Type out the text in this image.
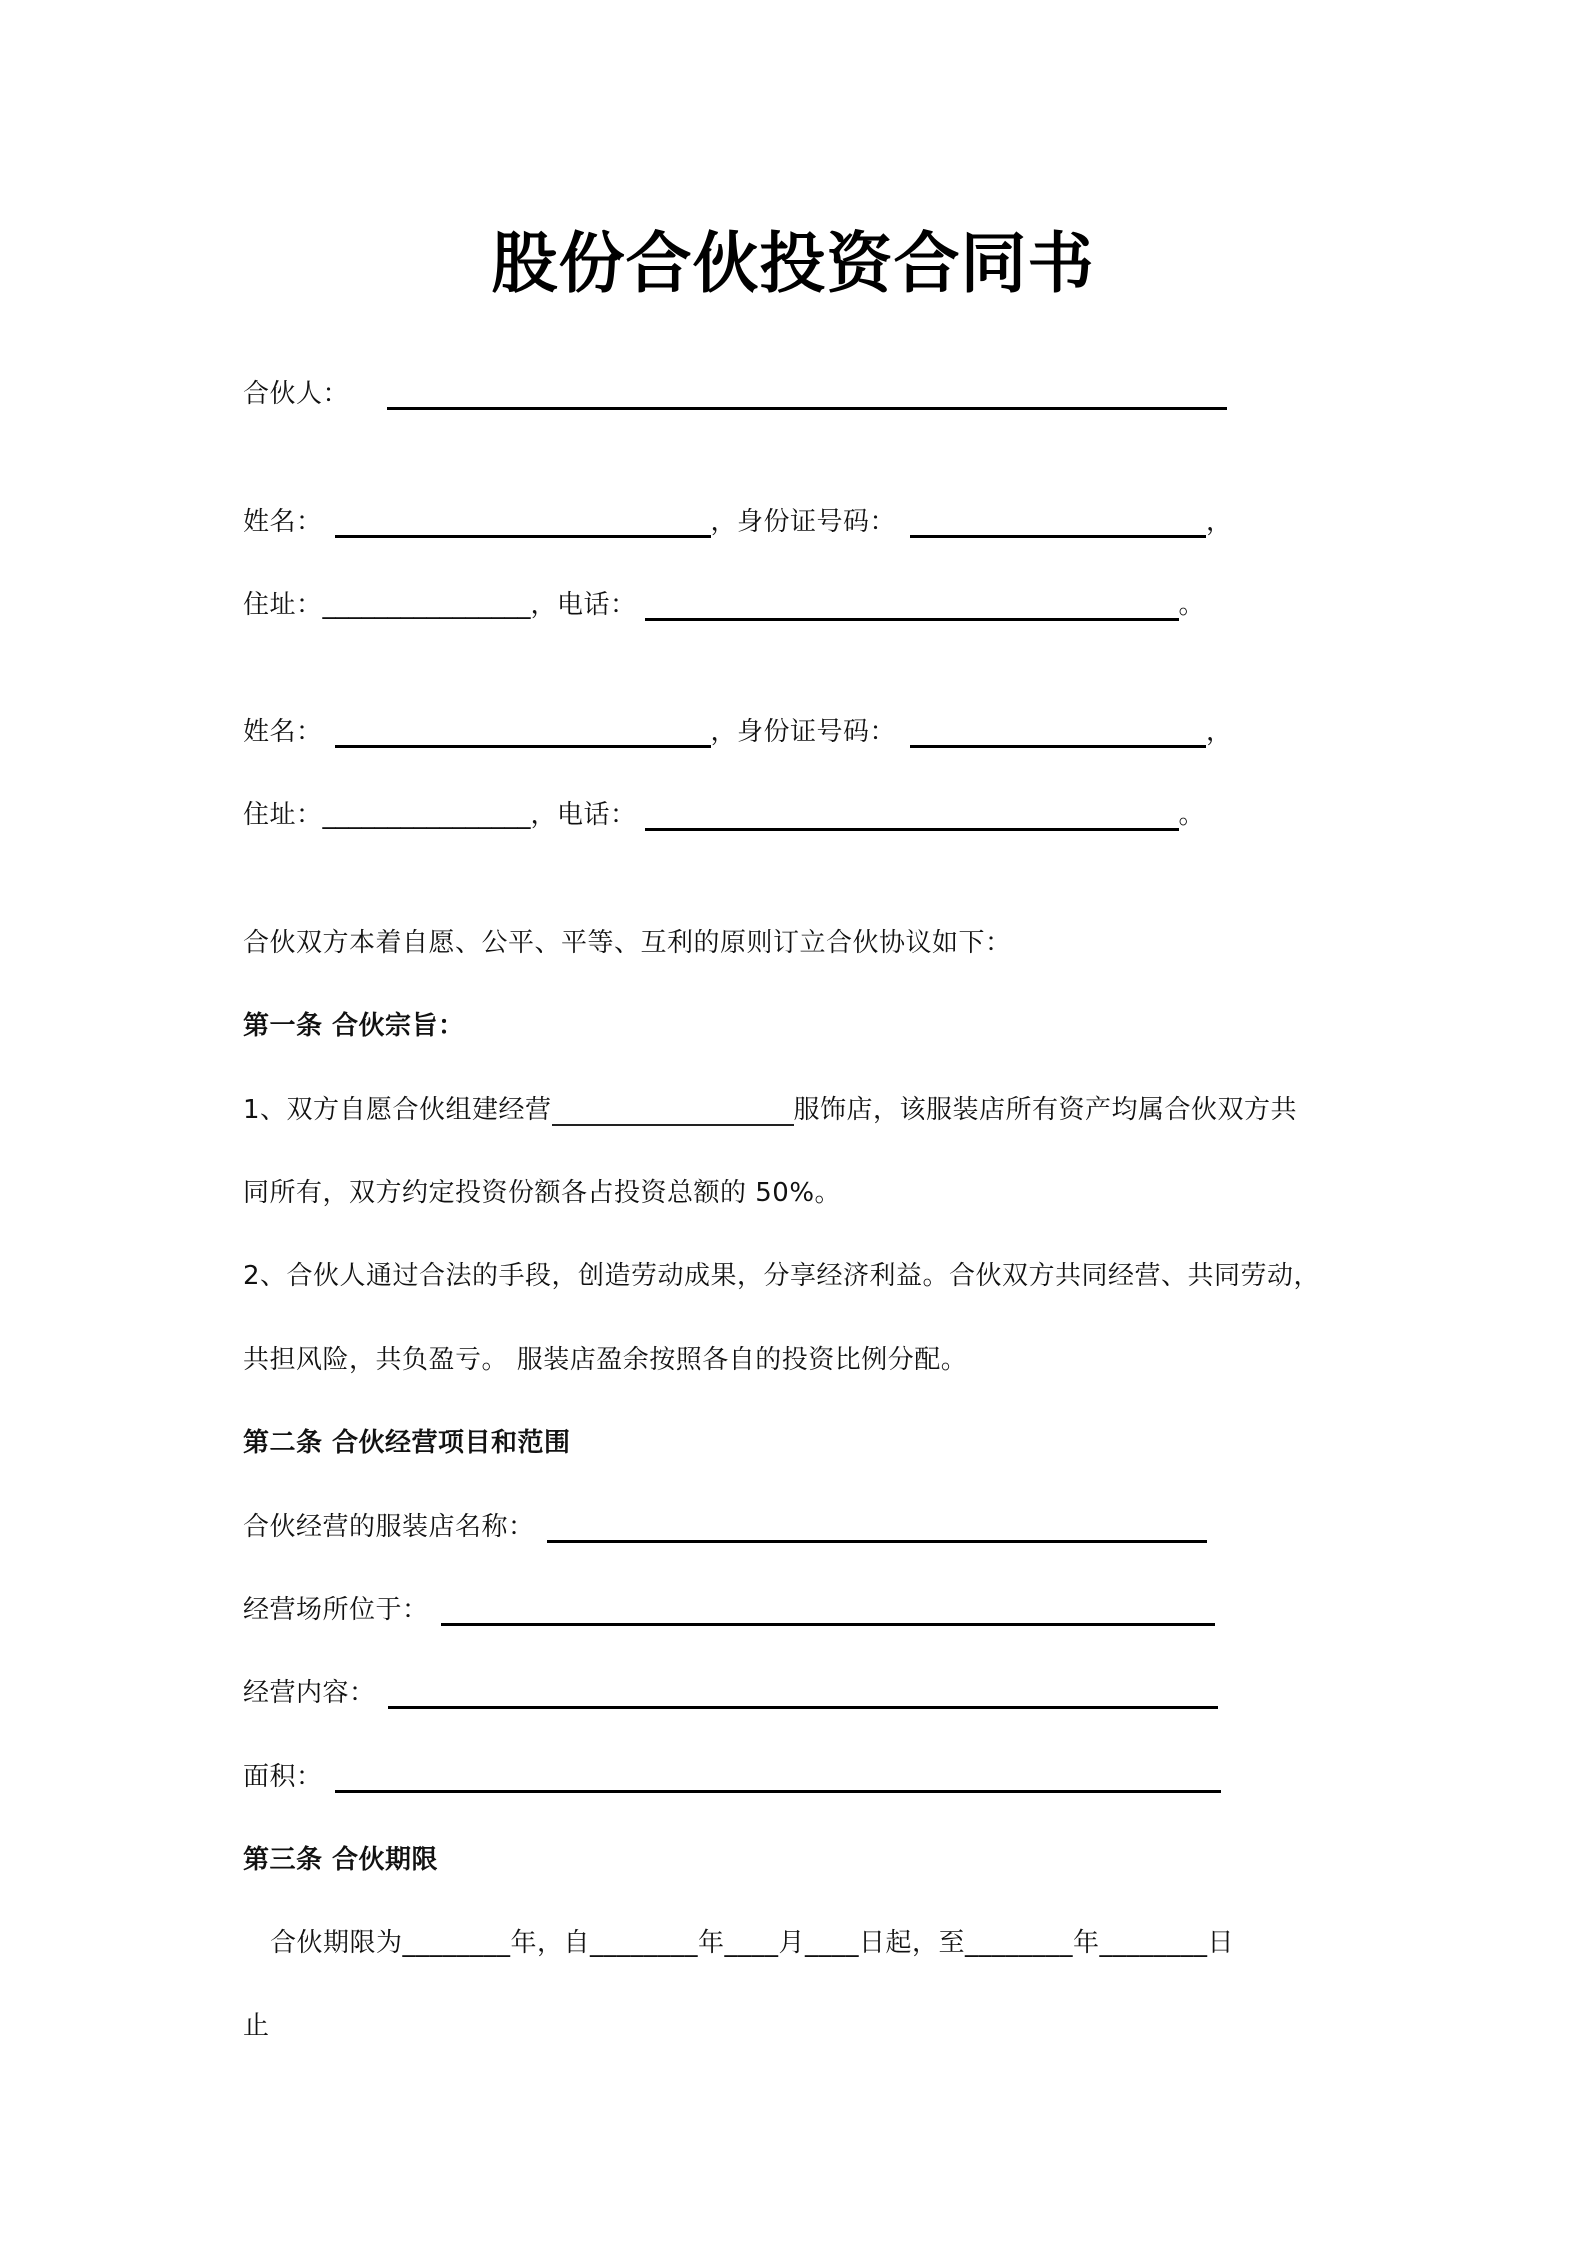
股份合伙投资合同书
合伙人：
姓名：	，身份证号码：	，
住址：________________，电话：	。
姓名：	，身份证号码：	，
住址：________________，电话：	。
合伙双方本着自愿、公平、平等、互利的原则订立合伙协议如下：
第一条 合伙宗旨：
1、双方自愿合伙组建经营	服饰店，该服装店所有资产均属合伙双方共
同所有，双方约定投资份额各占投资总额的 50%。
2、合伙人通过合法的手段，创造劳动成果，分享经济利益。合伙双方共同经营、共同劳动，
共担风险，共负盈亏。 服装店盈余按照各自的投资比例分配。
第二条 合伙经营项目和范围
合伙经营的服装店名称：
经营场所位于：
经营内容：
面积：
第三条 合伙期限
合伙期限为________年，自________年____月____日起，至________年________日
止
